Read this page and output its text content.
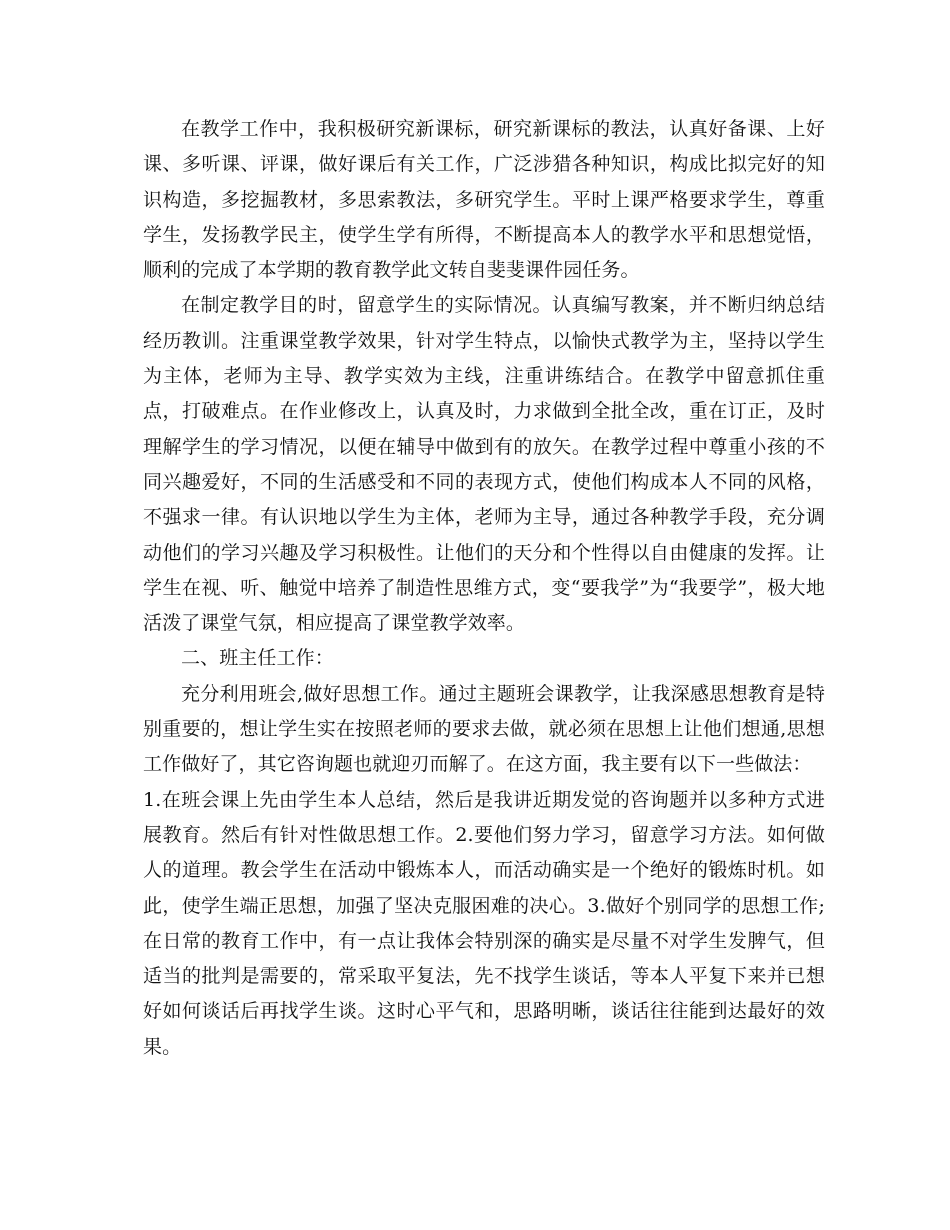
在教学工作中，我积极研究新课标，研究新课标的教法，认真好备课、上好课、多听课、评课，做好课后有关工作，广泛涉猎各种知识，构成比拟完好的知识构造，多挖掘教材，多思索教法，多研究学生。平时上课严格要求学生，尊重学生，发扬教学民主，使学生学有所得，不断提高本人的教学水平和思想觉悟，顺利的完成了本学期的教育教学此文转自斐斐课件园任务。

在制定教学目的时，留意学生的实际情况。认真编写教案，并不断归纳总结经历教训。注重课堂教学效果，针对学生特点，以愉快式教学为主，坚持以学生为主体，老师为主导、教学实效为主线，注重讲练结合。在教学中留意抓住重点，打破难点。在作业修改上，认真及时，力求做到全批全改，重在订正，及时理解学生的学习情况，以便在辅导中做到有的放矢。在教学过程中尊重小孩的不同兴趣爱好，不同的生活感受和不同的表现方式，使他们构成本人不同的风格，不强求一律。有认识地以学生为主体，老师为主导，通过各种教学手段，充分调动他们的学习兴趣及学习积极性。让他们的天分和个性得以自由健康的发挥。让学生在视、听、触觉中培养了制造性思维方式，变“要我学”为“我要学”，极大地活泼了课堂气氛，相应提高了课堂教学效率。

二、班主任工作：

充分利用班会,做好思想工作。通过主题班会课教学，让我深感思想教育是特别重要的，想让学生实在按照老师的要求去做，就必须在思想上让他们想通,思想工作做好了，其它咨询题也就迎刃而解了。在这方面，我主要有以下一些做法：

1.在班会课上先由学生本人总结，然后是我讲近期发觉的咨询题并以多种方式进展教育。然后有针对性做思想工作。2.要他们努力学习，留意学习方法。如何做人的道理。教会学生在活动中锻炼本人，而活动确实是一个绝好的锻炼时机。如此，使学生端正思想，加强了坚决克服困难的决心。3.做好个别同学的思想工作;在日常的教育工作中，有一点让我体会特别深的确实是尽量不对学生发脾气，但适当的批判是需要的，常采取平复法，先不找学生谈话，等本人平复下来并已想好如何谈话后再找学生谈。这时心平气和，思路明晰，谈话往往能到达最好的效果。
